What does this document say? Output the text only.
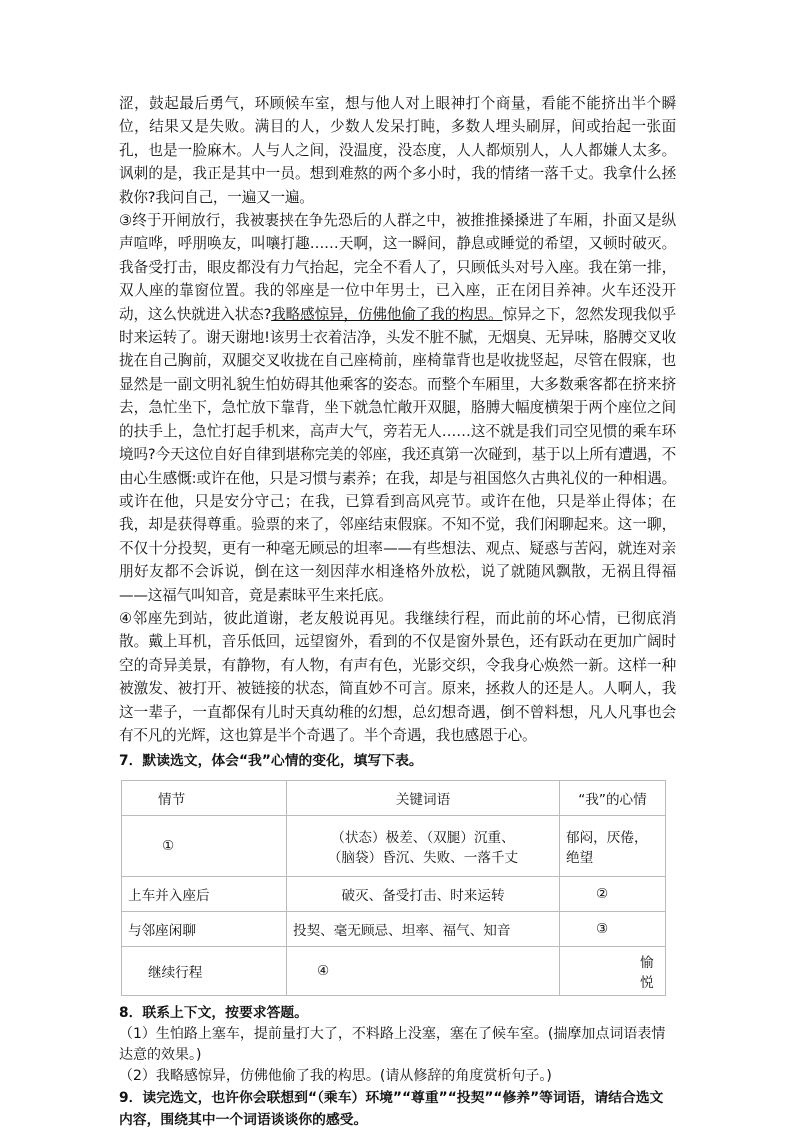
涩，鼓起最后勇气，环顾候车室，想与他人对上眼神打个商量，看能不能挤出半个瞬位，结果又是失败。满目的人，少数人发呆打盹，多数人埋头刷屏，间或抬起一张面孔，也是一脸麻木。人与人之间，没温度，没态度，人人都烦别人，人人都嫌人太多。讽刺的是，我正是其中一员。想到难熬的两个多小时，我的情绪一落千丈。我拿什么拯救你?我问自己，一遍又一遍。

③终于开闸放行，我被裹挟在争先恐后的人群之中，被推推搡搡进了车厢，扑面又是纵声喧哗，呼朋唤友，叫嚷打趣……天啊，这一瞬间，静息或睡觉的希望，又顿时破灭。我备受打击，眼皮都没有力气抬起，完全不看人了，只顾低头对号入座。我在第一排，双人座的靠窗位置。我的邻座是一位中年男士，已入座，正在闭目养神。火车还没开动，这么快就进入状态?我略感惊异，仿佛他偷了我的构思。惊异之下，忽然发现我似乎时来运转了。谢天谢地!该男士衣着洁净，头发不脏不腻，无烟臭、无异味，胳膊交叉收拢在自己胸前，双腿交叉收拢在自己座椅前，座椅靠背也是收拢竖起，尽管在假寐，也显然是一副文明礼貌生怕妨碍其他乘客的姿态。而整个车厢里，大多数乘客都在挤来挤去，急忙坐下，急忙放下靠背，坐下就急忙敞开双腿，胳膊大幅度横架于两个座位之间的扶手上，急忙打起手机来，高声大气，旁若无人……这不就是我们司空见惯的乘车环境吗?今天这位自好自律到堪称完美的邻座，我还真第一次碰到，基于以上所有遭遇，不由心生感慨:或许在他，只是习惯与素养；在我，却是与祖国悠久古典礼仪的一种相遇。或许在他，只是安分守己；在我，已算看到高风亮节。或许在他，只是举止得体；在我，却是获得尊重。验票的来了，邻座结束假寐。不知不觉，我们闲聊起来。这一聊，不仅十分投契，更有一种毫无顾忌的坦率——有些想法、观点、疑惑与苦闷，就连对亲朋好友都不会诉说，倒在这一刻因萍水相逢格外放松，说了就随风飘散，无祸且得福——这福气叫知音，竟是素昧平生来托底。

④邻座先到站，彼此道谢，老友般说再见。我继续行程，而此前的坏心情，已彻底消散。戴上耳机，音乐低回，远望窗外，看到的不仅是窗外景色，还有跃动在更加广阔时空的奇异美景，有静物，有人物，有声有色，光影交织，令我身心焕然一新。这样一种被激发、被打开、被链接的状态，简直妙不可言。原来，拯救人的还是人。人啊人，我这一辈子，一直都保有儿时天真幼稚的幻想，总幻想奇遇，倒不曾料想，凡人凡事也会有不凡的光辉，这也算是半个奇遇了。半个奇遇，我也感恩于心。

7．默读选文，体会“我”心情的变化，填写下表。

情节	关键词语	“我”的心情
①	（状态）极差、（双腿）沉重、
（脑袋）昏沉、失败、一落千丈	郁闷，厌倦，绝望
上车并入座后	破灭、备受打击、时来运转	②
与邻座闲聊	投契、毫无顾忌、坦率、福气、知音	③
继续行程	④	愉悦

8．联系上下文，按要求答题。

（1）生怕路上塞车，提前量打大了，不料路上没塞，塞在了候车室。(揣摩加点词语表情达意的效果。)

（2）我略感惊异，仿佛他偷了我的构思。(请从修辞的角度赏析句子。)

9．读完选文，也许你会联想到“（乘车）环境”“尊重”“投契”“修养”等词语，请结合选文内容，围绕其中一个词语谈谈你的感受。
